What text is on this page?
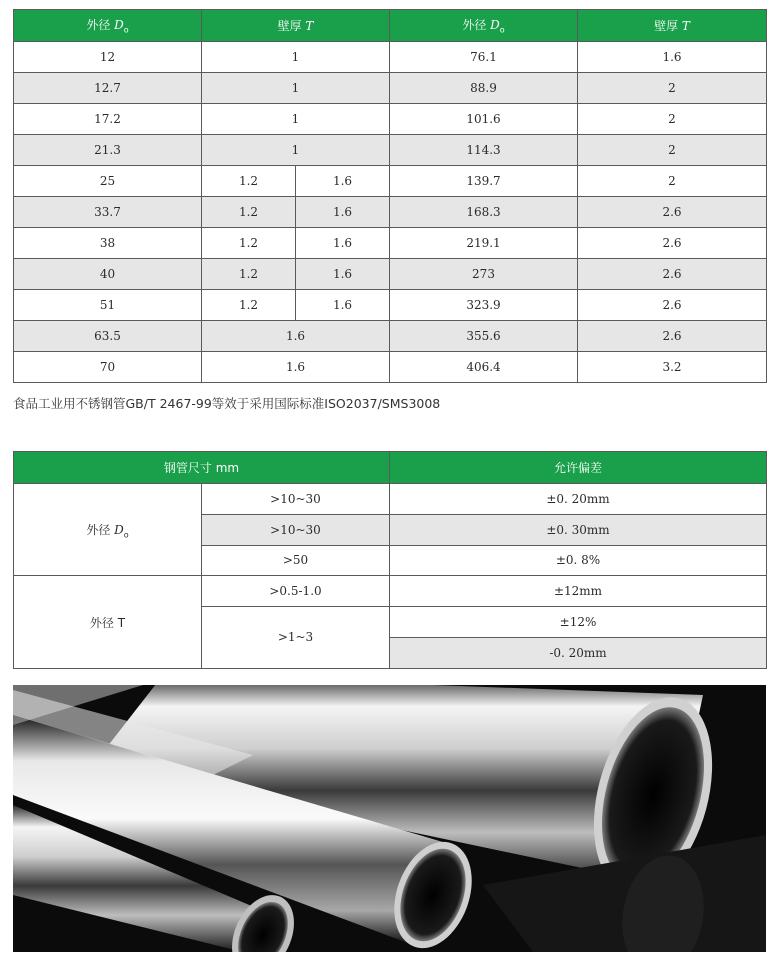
外径 $D_o$	壁厚 T		外径 $D_o$	壁厚 T
12	1		76.1	1.6
12.7	1		88.9	2
17.2	1		101.6	2
21.3	1		114.3	2
25	1.2	1.6	139.7	2
33.7	1.2	1.6	168.3	2.6
38	1.2	1.6	219.1	2.6
40	1.2	1.6	273	2.6
51	1.2	1.6	323.9	2.6
63.5	1.6		355.6	2.6
70	1.6		406.4	3.2
食品工业用不锈钢管GB/T 2467-99等效于采用国际标准ISO2037/SMS3008
钢管尺寸 mm		允许偏差
外径 $D_o$	>10~30	±0. 20mm
	>10~30	±0. 30mm
	>50	±0. 8%
外径 T	>0.5-1.0	±12mm
	>1~3	±12%
		-0. 20mm
